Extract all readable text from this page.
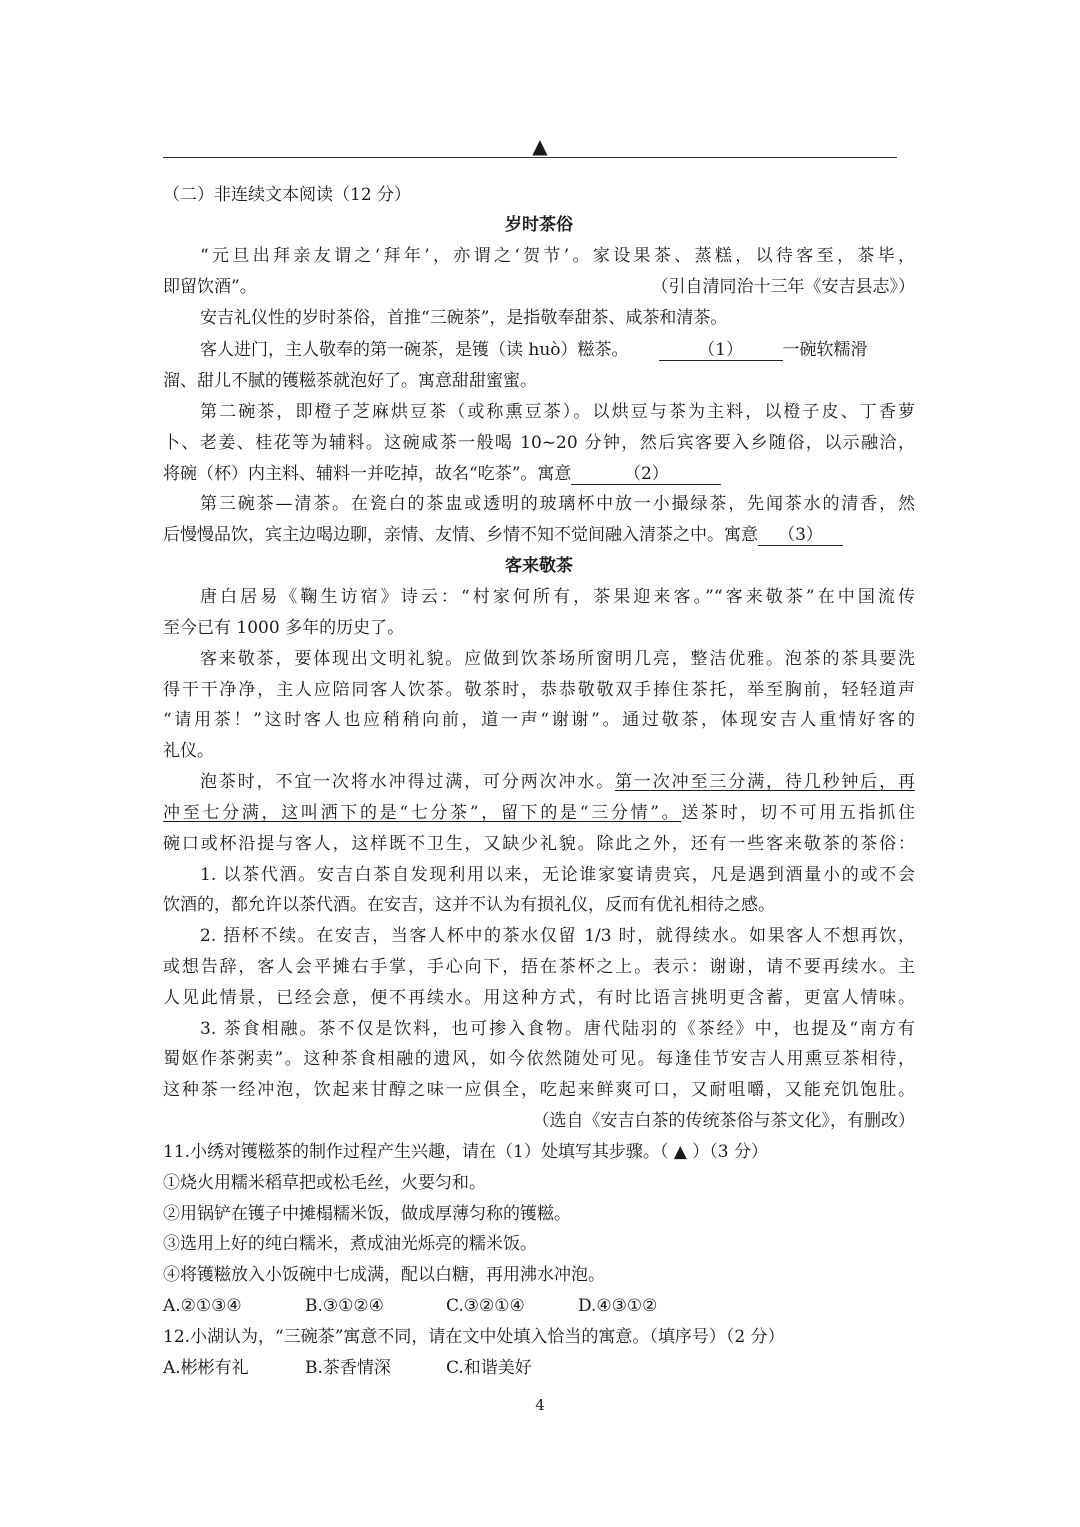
▲
（二）非连续文本阅读（12 分）
岁时茶俗
“元旦出拜亲友谓之‘拜年’，亦谓之‘贺节’。家设果茶、蒸糕，以待客至，茶毕，
即留饮酒”。	（引自清同治十三年《安吉县志》）
安吉礼仪性的岁时茶俗，首推“三碗茶”，是指敬奉甜茶、咸茶和清茶。
客人进门，主人敬奉的第一碗茶，是镬（读 huò）糍茶。	（1） 一碗软糯滑
溜、甜儿不腻的镬糍茶就泡好了。寓意甜甜蜜蜜。
第二碗茶，即橙子芝麻烘豆茶（或称熏豆茶）。以烘豆与茶为主料，以橙子皮、丁香萝
卜、老姜、桂花等为辅料。这碗咸茶一般喝 10~20 分钟，然后宾客要入乡随俗，以示融洽，
将碗（杯）内主料、辅料一并吃掉，故名“吃茶”。寓意	（2）
第三碗茶—清茶。在瓷白的茶盅或透明的玻璃杯中放一小撮绿茶，先闻茶水的清香，然
后慢慢品饮，宾主边喝边聊，亲情、友情、乡情不知不觉间融入清茶之中。寓意 （3）
客来敬茶
唐白居易《鞠生访宿》诗云：“村家何所有，茶果迎来客。”“客来敬茶”在中国流传
至今已有 1000 多年的历史了。
客来敬茶，要体现出文明礼貌。应做到饮茶场所窗明几亮，整洁优雅。泡茶的茶具要洗
得干干净净，主人应陪同客人饮茶。敬茶时，恭恭敬敬双手捧住茶托，举至胸前，轻轻道声
“请用茶！”这时客人也应稍稍向前，道一声“谢谢”。通过敬茶，体现安吉人重情好客的
礼仪。
泡茶时，不宜一次将水冲得过满，可分两次冲水。第一次冲至三分满，待几秒钟后，再
冲至七分满，这叫洒下的是“七分茶”，留下的是“三分情”。送茶时，切不可用五指抓住
碗口或杯沿提与客人，这样既不卫生，又缺少礼貌。除此之外，还有一些客来敬茶的茶俗：
1. 以茶代酒。安吉白茶自发现利用以来，无论谁家宴请贵宾，凡是遇到酒量小的或不会
饮酒的，都允许以茶代酒。在安吉，这并不认为有损礼仪，反而有优礼相待之感。
2. 捂杯不续。在安吉，当客人杯中的茶水仅留 1/3 时，就得续水。如果客人不想再饮，
或想告辞，客人会平摊右手掌，手心向下，捂在茶杯之上。表示：谢谢，请不要再续水。主
人见此情景，已经会意，便不再续水。用这种方式，有时比语言挑明更含蓄，更富人情味。
3. 茶食相融。茶不仅是饮料，也可掺入食物。唐代陆羽的《茶经》中，也提及“南方有
蜀妪作茶粥卖”。这种茶食相融的遗风，如今依然随处可见。每逢佳节安吉人用熏豆茶相待，
这种茶一经冲泡，饮起来甘醇之味一应俱全，吃起来鲜爽可口，又耐咀嚼，又能充饥饱肚。
（选自《安吉白茶的传统茶俗与茶文化》，有删改）
11.小绣对镬糍茶的制作过程产生兴趣，请在（1）处填写其步骤。（ ▲ ）（3 分）
①烧火用糯米稻草把或松毛丝，火要匀和。
②用锅铲在镬子中摊榻糯米饭，做成厚薄匀称的镬糍。
③选用上好的纯白糯米，煮成油光烁亮的糯米饭。
④将镬糍放入小饭碗中七成满，配以白糖，再用沸水冲泡。
A.②①③④	B.③①②④	C.③②①④	D.④③①②
12.小湖认为，“三碗茶”寓意不同，请在文中处填入恰当的寓意。（填序号）（2 分）
A.彬彬有礼	B.茶香情深	C.和谐美好
4
